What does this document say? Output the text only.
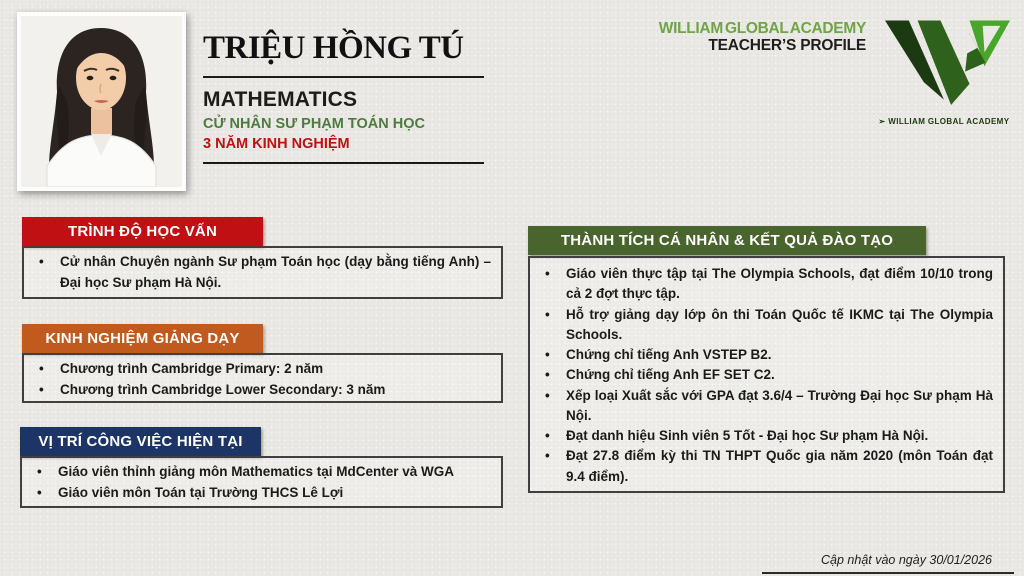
TRIỆU HỒNG TÚ
MATHEMATICS
CỬ NHÂN SƯ PHẠM TOÁN HỌC
3 NĂM KINH NGHIỆM
WILLIAM GLOBAL ACADEMY
TEACHER’S PROFILE
➢ WILLIAM GLOBAL ACADEMY
TRÌNH ĐỘ HỌC VẤN
• Cử nhân Chuyên ngành Sư phạm Toán học (dạy bằng tiếng Anh) – Đại học Sư phạm Hà Nội.
KINH NGHIỆM GIẢNG DẠY
• Chương trình Cambridge Primary: 2 năm
• Chương trình Cambridge Lower Secondary: 3 năm
VỊ TRÍ CÔNG VIỆC HIỆN TẠI
• Giáo viên thỉnh giảng môn Mathematics tại MdCenter và WGA
• Giáo viên môn Toán tại Trường THCS Lê Lợi
THÀNH TÍCH CÁ NHÂN & KẾT QUẢ ĐÀO TẠO
• Giáo viên thực tập tại The Olympia Schools, đạt điểm 10/10 trong cả 2 đợt thực tập.
• Hỗ trợ giảng dạy lớp ôn thi Toán Quốc tế IKMC tại The Olympia Schools.
• Chứng chỉ tiếng Anh VSTEP B2.
• Chứng chỉ tiếng Anh EF SET C2.
• Xếp loại Xuất sắc với GPA đạt 3.6/4 – Trường Đại học Sư phạm Hà Nội.
• Đạt danh hiệu Sinh viên 5 Tốt - Đại học Sư phạm Hà Nội.
• Đạt 27.8 điểm kỳ thi TN THPT Quốc gia năm 2020 (môn Toán đạt 9.4 điểm).
Cập nhật vào ngày 30/01/2026
